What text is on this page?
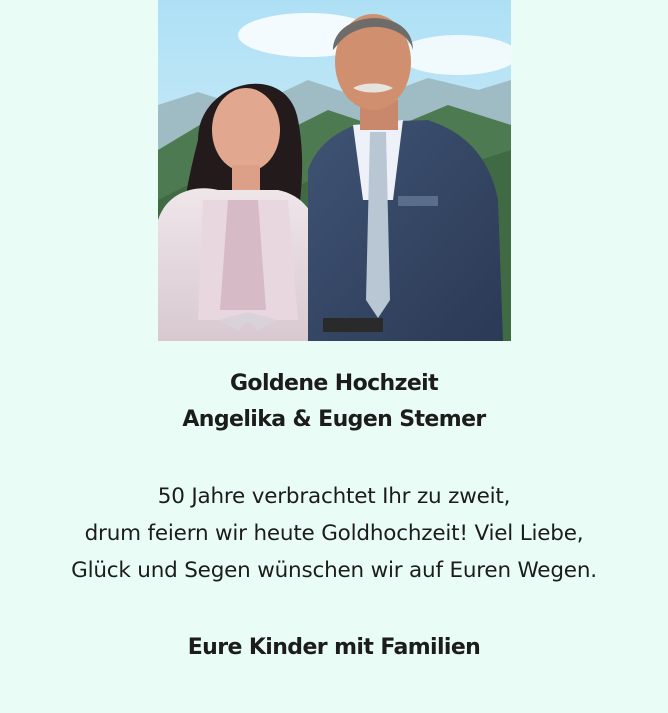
Goldene Hochzeit
Angelika & Eugen Stemer
50 Jahre verbrachtet Ihr zu zweit,
drum feiern wir heute Goldhochzeit! Viel Liebe,
Glück und Segen wünschen wir auf Euren Wegen.
Eure Kinder mit Familien
